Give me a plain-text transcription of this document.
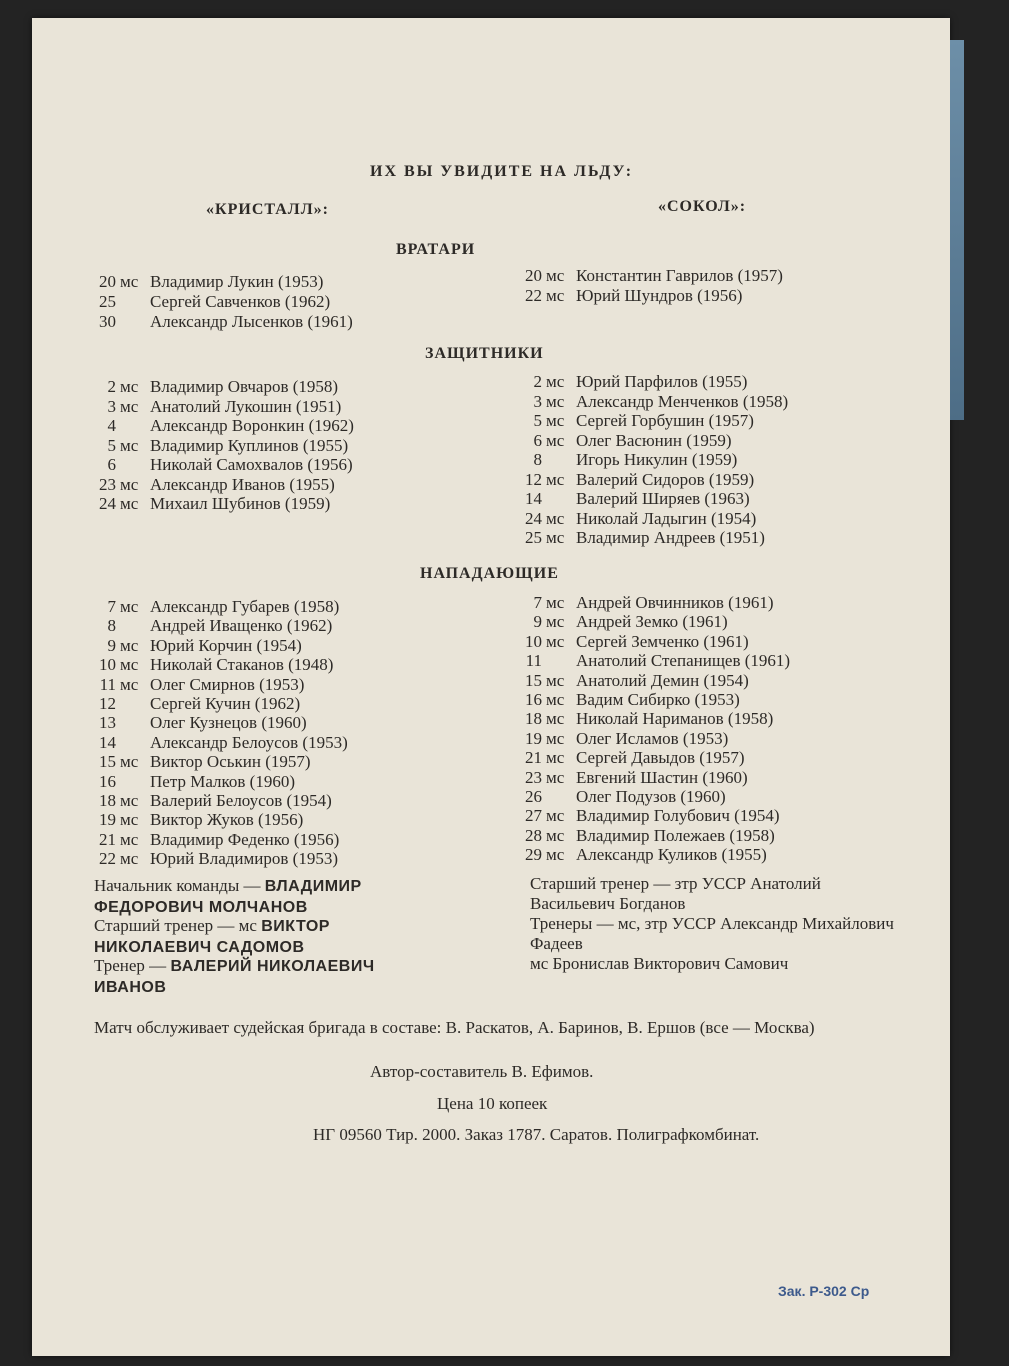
ИХ ВЫ УВИДИТЕ НА ЛЬДУ:
«КРИСТАЛЛ»:	«СОКОЛ»:
ВРАТАРИ
ЗАЩИТНИКИ
НАПАДАЮЩИЕ
20 мс Владимир Лукин (1953)
25 Сергей Савченков (1962)
30 Александр Лысенков (1961)
20 мс Константин Гаврилов (1957)
22 мс Юрий Шундров (1956)
2 мс Владимир Овчаров (1958)
3 мс Анатолий Лукошин (1951)
4 Александр Воронкин (1962)
5 мс Владимир Куплинов (1955)
6 Николай Самохвалов (1956)
23 мс Александр Иванов (1955)
24 мс Михаил Шубинов (1959)
2 мс Юрий Парфилов (1955)
3 мс Александр Менченков (1958)
5 мс Сергей Горбушин (1957)
6 мс Олег Васюнин (1959)
8 Игорь Никулин (1959)
12 мс Валерий Сидоров (1959)
14 Валерий Ширяев (1963)
24 мс Николай Ладыгин (1954)
25 мс Владимир Андреев (1951)
7 мс Александр Губарев (1958)
8 Андрей Иващенко (1962)
9 мс Юрий Корчин (1954)
10 мс Николай Стаканов (1948)
11 мс Олег Смирнов (1953)
12 Сергей Кучин (1962)
13 Олег Кузнецов (1960)
14 Александр Белоусов (1953)
15 мс Виктор Оськин (1957)
16 Петр Малков (1960)
18 мс Валерий Белоусов (1954)
19 мс Виктор Жуков (1956)
21 мс Владимир Феденко (1956)
22 мс Юрий Владимиров (1953)
7 мс Андрей Овчинников (1961)
9 мс Андрей Земко (1961)
10 мс Сергей Земченко (1961)
11 Анатолий Степанищев (1961)
15 мс Анатолий Демин (1954)
16 мс Вадим Сибирко (1953)
18 мс Николай Нариманов (1958)
19 мс Олег Исламов (1953)
21 мс Сергей Давыдов (1957)
23 мс Евгений Шастин (1960)
26 Олег Подузов (1960)
27 мс Владимир Голубович (1954)
28 мс Владимир Полежаев (1958)
29 мс Александр Куликов (1955)
Начальник команды — ВЛАДИМИР ФЕДОРОВИЧ МОЛЧАНОВ
Старший тренер — мс ВИКТОР НИКОЛАЕВИЧ САДОМОВ
Тренер — ВАЛЕРИЙ НИКОЛАЕВИЧ ИВАНОВ
Старший тренер — зтр УССР Анатолий Васильевич Богданов
Тренеры — мс, зтр УССР Александр Михайлович Фадеев
мс Бронислав Викторович Самович
Матч обслуживает судейская бригада в составе: В. Раскатов, А. Баринов, В. Ершов (все — Москва)
Автор-составитель В. Ефимов.
Цена 10 копеек
НГ 09560 Тир. 2000. Заказ 1787. Саратов. Полиграфкомбинат.
Зак. Р-302 Ср
